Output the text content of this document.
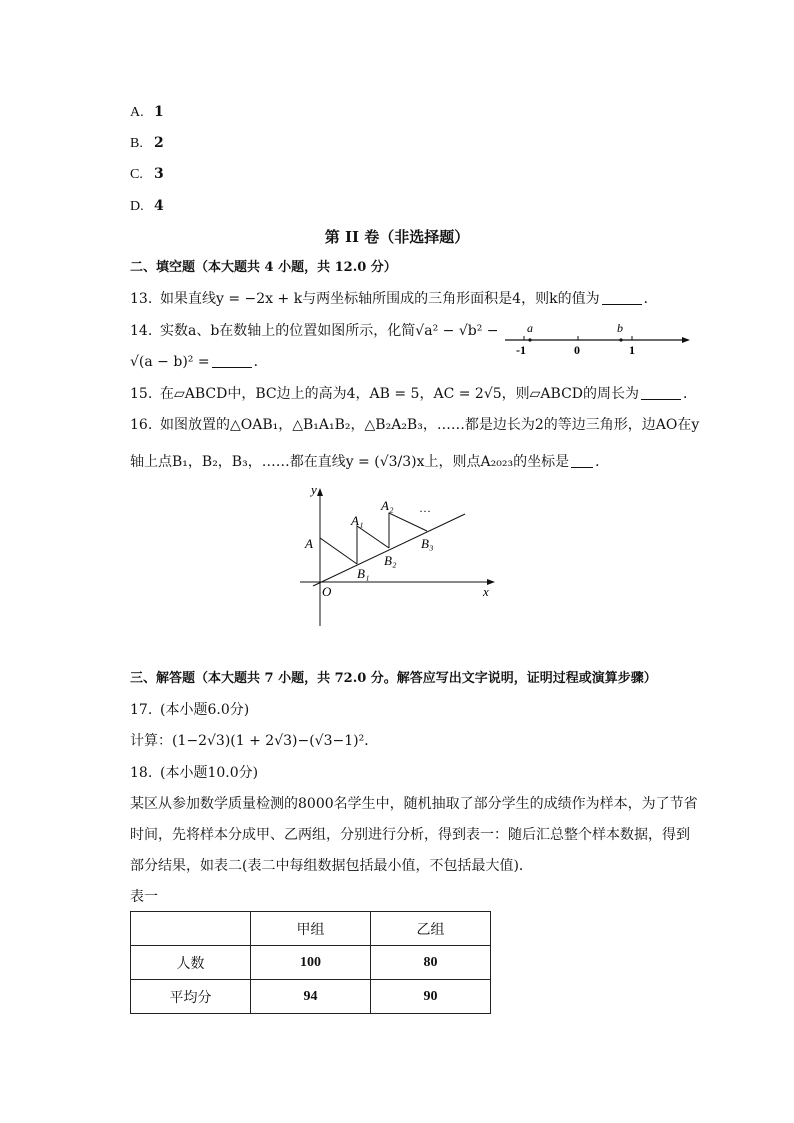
A. 1
B. 2
C. 3
D. 4
第 II 卷（非选择题）
二、填空题（本大题共 4 小题，共 12.0 分）
13. 如果直线y = −2x + k与两坐标轴所围成的三角形面积是4，则k的值为	．
14. 实数a、b在数轴上的位置如图所示，化简√a² − √b² −
√(a − b)² =	．
a	b
-1	0	1
15. 在▱ABCD中，BC边上的高为4，AB = 5，AC = 2√5，则▱ABCD的周长为	．
16. 如图放置的△OAB₁，△B₁A₁B₂，△B₂A₂B₃，……都是边长为2的等边三角形，边AO在y
轴上点B₁，B₂，B₃，……都在直线y = (√3/3)x上，则点A₂₀₂₃的坐标是 ．
y
x
O
A
A₁
A₂
B₁
B₂
B₃
…
三、解答题（本大题共 7 小题，共 72.0 分。解答应写出文字说明，证明过程或演算步骤）
17. (本小题6.0分)
计算：(1−2√3)(1 + 2√3)−(√3−1)²．
18. (本小题10.0分)
某区从参加数学质量检测的8000名学生中，随机抽取了部分学生的成绩作为样本，为了节省
时间，先将样本分成甲、乙两组，分别进行分析，得到表一：随后汇总整个样本数据，得到
部分结果，如表二(表二中每组数据包括最小值，不包括最大值)．
表一
	甲组	乙组
人数	100	80
平均分	94	90
